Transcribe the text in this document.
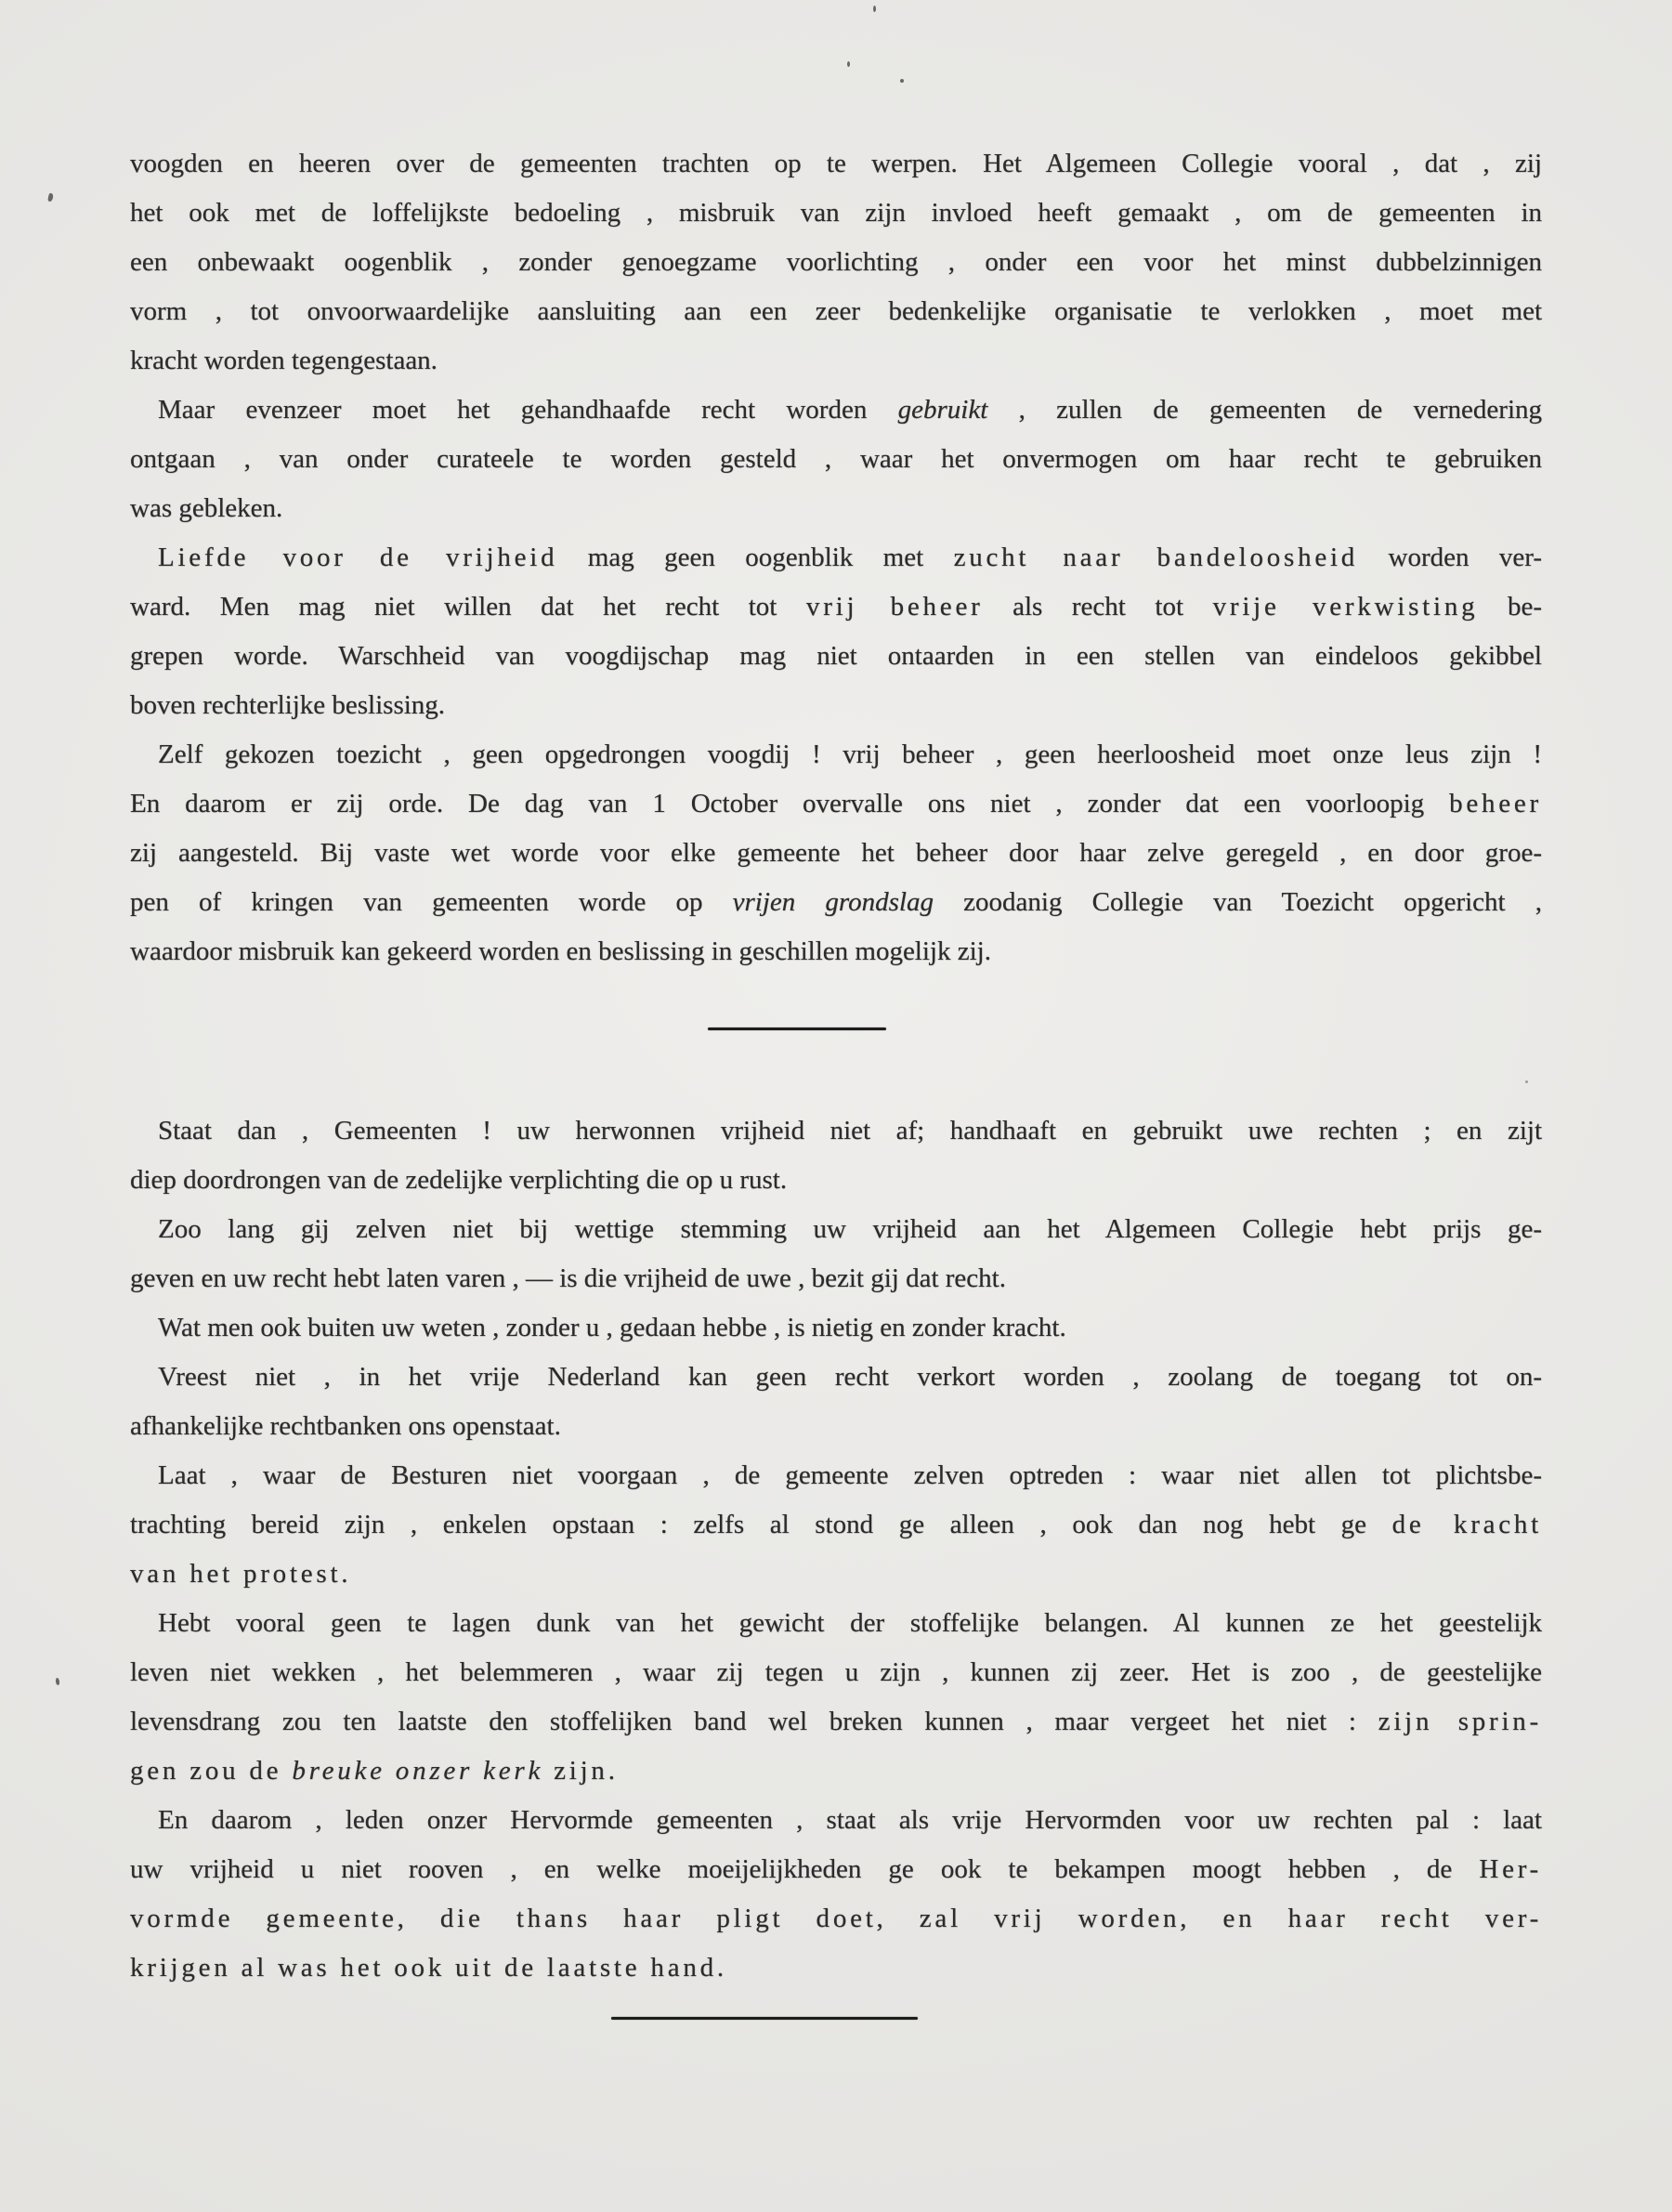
voogden en heeren over de gemeenten trachten op te werpen. Het Algemeen Collegie vooral , dat , zij
het ook met de loffelijkste bedoeling , misbruik van zijn invloed heeft gemaakt , om de gemeenten in
een onbewaakt oogenblik , zonder genoegzame voorlichting , onder een voor het minst dubbelzinnigen
vorm , tot onvoorwaardelijke aansluiting aan een zeer bedenkelijke organisatie te verlokken , moet met
kracht worden tegengestaan.
Maar evenzeer moet het gehandhaafde recht worden gebruikt , zullen de gemeenten de vernedering
ontgaan , van onder curateele te worden gesteld , waar het onvermogen om haar recht te gebruiken
was gebleken.
Liefde voor de vrijheid mag geen oogenblik met zucht naar bandeloosheid worden ver-
ward. Men mag niet willen dat het recht tot vrij beheer als recht tot vrije verkwisting be-
grepen worde. Warschheid van voogdijschap mag niet ontaarden in een stellen van eindeloos gekibbel
boven rechterlijke beslissing.
Zelf gekozen toezicht , geen opgedrongen voogdij ! vrij beheer , geen heerloosheid moet onze leus zijn !
En daarom er zij orde. De dag van 1 October overvalle ons niet , zonder dat een voorloopig beheer
zij aangesteld. Bij vaste wet worde voor elke gemeente het beheer door haar zelve geregeld , en door groe-
pen of kringen van gemeenten worde op vrijen grondslag zoodanig Collegie van Toezicht opgericht ,
waardoor misbruik kan gekeerd worden en beslissing in geschillen mogelijk zij.
Staat dan , Gemeenten ! uw herwonnen vrijheid niet af; handhaaft en gebruikt uwe rechten ; en zijt
diep doordrongen van de zedelijke verplichting die op u rust.
Zoo lang gij zelven niet bij wettige stemming uw vrijheid aan het Algemeen Collegie hebt prijs ge-
geven en uw recht hebt laten varen , — is die vrijheid de uwe , bezit gij dat recht.
Wat men ook buiten uw weten , zonder u , gedaan hebbe , is nietig en zonder kracht.
Vreest niet , in het vrije Nederland kan geen recht verkort worden , zoolang de toegang tot on-
afhankelijke rechtbanken ons openstaat.
Laat , waar de Besturen niet voorgaan , de gemeente zelven optreden : waar niet allen tot plichtsbe-
trachting bereid zijn , enkelen opstaan : zelfs al stond ge alleen , ook dan nog hebt ge de kracht
van het protest.
Hebt vooral geen te lagen dunk van het gewicht der stoffelijke belangen. Al kunnen ze het geestelijk
leven niet wekken , het belemmeren , waar zij tegen u zijn , kunnen zij zeer. Het is zoo , de geestelijke
levensdrang zou ten laatste den stoffelijken band wel breken kunnen , maar vergeet het niet : zijn sprin-
gen zou de breuke onzer kerk zijn.
En daarom , leden onzer Hervormde gemeenten , staat als vrije Hervormden voor uw rechten pal : laat
uw vrijheid u niet rooven , en welke moeijelijkheden ge ook te bekampen moogt hebben , de Her-
vormde gemeente, die thans haar pligt doet, zal vrij worden, en haar recht ver-
krijgen al was het ook uit de laatste hand.
